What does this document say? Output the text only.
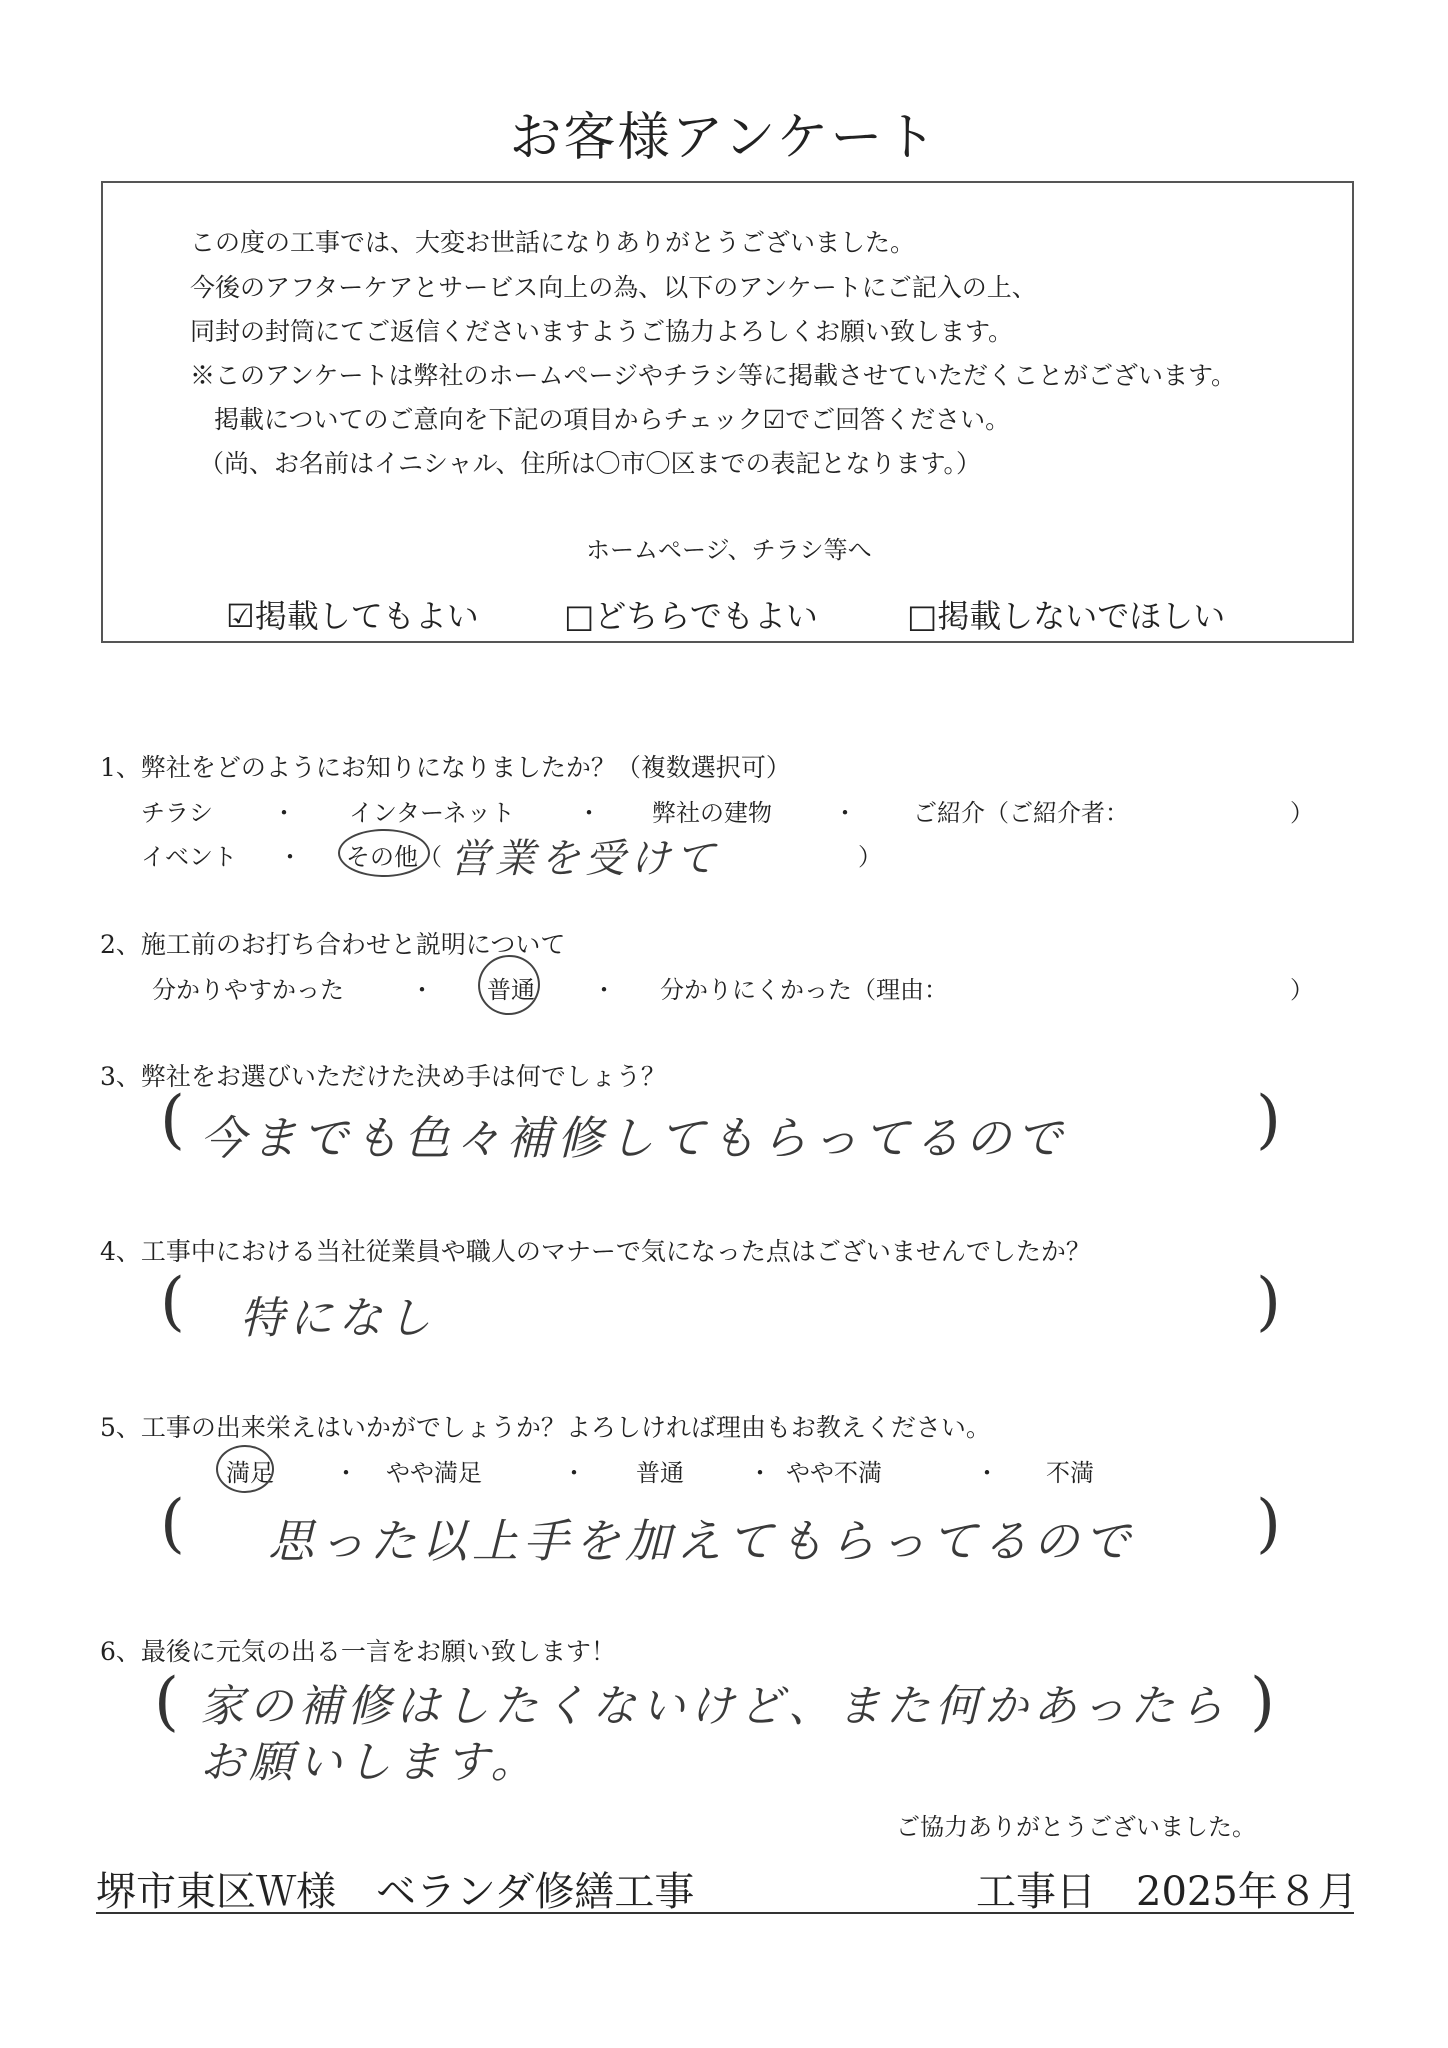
お客様アンケート
この度の工事では、大変お世話になりありがとうございました。
今後のアフターケアとサービス向上の為、以下のアンケートにご記入の上、
同封の封筒にてご返信くださいますようご協力よろしくお願い致します。
※このアンケートは弊社のホームページやチラシ等に掲載させていただくことがございます。
掲載についてのご意向を下記の項目からチェック☑でご回答ください。
（尚、お名前はイニシャル、住所は〇市〇区までの表記となります。）
ホームページ、チラシ等へ
☑掲載してもよい	□どちらでもよい	□掲載しないでほしい
1、弊社をどのようにお知りになりましたか？（複数選択可）
チラシ ・ インターネット	・ 弊社の建物	・ ご紹介（ご紹介者：	）
イベント ・ その他（ 営業を受けて	）
2、施工前のお打ち合わせと説明について
分かりやすかった	・ 普通 ・ 分かりにくかった（理由：	）
3、弊社をお選びいただけた決め手は何でしょう？
( 今までも色々補修してもらってるので	)
4、工事中における当社従業員や職人のマナーで気になった点はございませんでしたか？
( 特になし	)
5、工事の出来栄えはいかがでしょうか？よろしければ理由もお教えください。
満足	・ やや満足	・ 普通	・ やや不満	・ 不満
( 思った以上手を加えてもらってるので )
6、最後に元気の出る一言をお願い致します！
( 家の補修はしたくないけど、また何かあったら
お願いします。
)
ご協力ありがとうございました。
堺市東区Ｗ様　ベランダ修繕工事	工事日　2025年８月
